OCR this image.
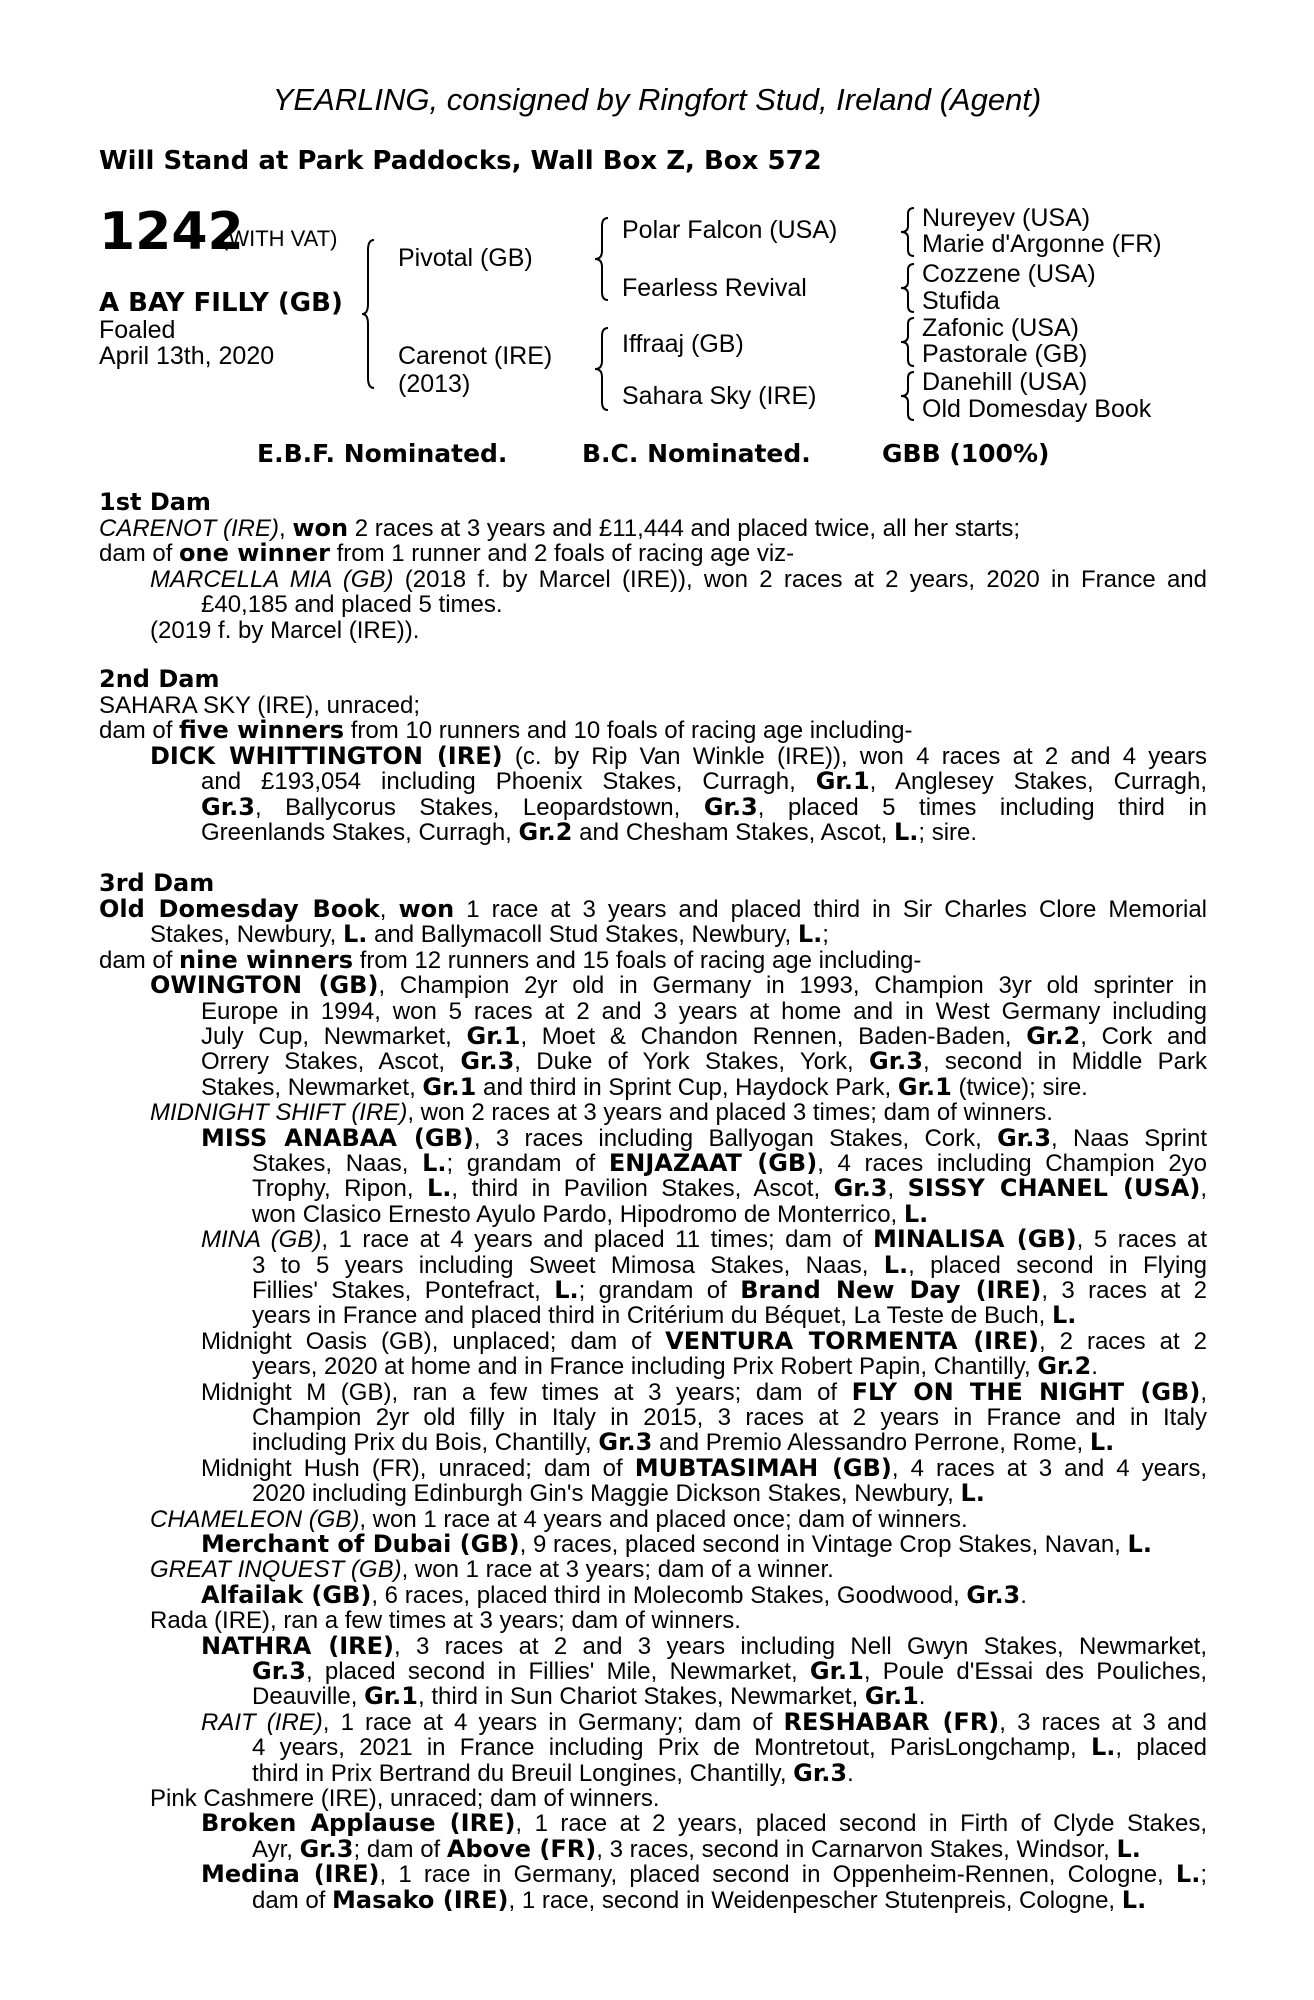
YEARLING, consigned by Ringfort Stud, Ireland (Agent)
Will Stand at Park Paddocks, Wall Box Z, Box 572
1242
(WITH VAT)
A BAY FILLY (GB)
Foaled
April 13th, 2020
Pivotal (GB)
Carenot (IRE)
(2013)
Polar Falcon (USA)
Fearless Revival
Iffraaj (GB)
Sahara Sky (IRE)
Nureyev (USA)
Marie d'Argonne (FR)
Cozzene (USA)
Stufida
Zafonic (USA)
Pastorale (GB)
Danehill (USA)
Old Domesday Book
E.B.F. Nominated.	B.C. Nominated.	GBB (100%)
1st Dam
CARENOT (IRE), won 2 races at 3 years and £11,444 and placed twice, all her starts;
dam of one winner from 1 runner and 2 foals of racing age viz-
MARCELLA MIA (GB) (2018 f. by Marcel (IRE)), won 2 races at 2 years, 2020 in France and
£40,185 and placed 5 times.
(2019 f. by Marcel (IRE)).
2nd Dam
SAHARA SKY (IRE), unraced;
dam of five winners from 10 runners and 10 foals of racing age including-
DICK WHITTINGTON (IRE) (c. by Rip Van Winkle (IRE)), won 4 races at 2 and 4 years
and £193,054 including Phoenix Stakes, Curragh, Gr.1, Anglesey Stakes, Curragh,
Gr.3, Ballycorus Stakes, Leopardstown, Gr.3, placed 5 times including third in
Greenlands Stakes, Curragh, Gr.2 and Chesham Stakes, Ascot, L.; sire.
3rd Dam
Old Domesday Book, won 1 race at 3 years and placed third in Sir Charles Clore Memorial
Stakes, Newbury, L. and Ballymacoll Stud Stakes, Newbury, L.;
dam of nine winners from 12 runners and 15 foals of racing age including-
OWINGTON (GB), Champion 2yr old in Germany in 1993, Champion 3yr old sprinter in
Europe in 1994, won 5 races at 2 and 3 years at home and in West Germany including
July Cup, Newmarket, Gr.1, Moet & Chandon Rennen, Baden-Baden, Gr.2, Cork and
Orrery Stakes, Ascot, Gr.3, Duke of York Stakes, York, Gr.3, second in Middle Park
Stakes, Newmarket, Gr.1 and third in Sprint Cup, Haydock Park, Gr.1 (twice); sire.
MIDNIGHT SHIFT (IRE), won 2 races at 3 years and placed 3 times; dam of winners.
MISS ANABAA (GB), 3 races including Ballyogan Stakes, Cork, Gr.3, Naas Sprint
Stakes, Naas, L.; grandam of ENJAZAAT (GB), 4 races including Champion 2yo
Trophy, Ripon, L., third in Pavilion Stakes, Ascot, Gr.3, SISSY CHANEL (USA),
won Clasico Ernesto Ayulo Pardo, Hipodromo de Monterrico, L.
MINA (GB), 1 race at 4 years and placed 11 times; dam of MINALISA (GB), 5 races at
3 to 5 years including Sweet Mimosa Stakes, Naas, L., placed second in Flying
Fillies' Stakes, Pontefract, L.; grandam of Brand New Day (IRE), 3 races at 2
years in France and placed third in Critérium du Béquet, La Teste de Buch, L.
Midnight Oasis (GB), unplaced; dam of VENTURA TORMENTA (IRE), 2 races at 2
years, 2020 at home and in France including Prix Robert Papin, Chantilly, Gr.2.
Midnight M (GB), ran a few times at 3 years; dam of FLY ON THE NIGHT (GB),
Champion 2yr old filly in Italy in 2015, 3 races at 2 years in France and in Italy
including Prix du Bois, Chantilly, Gr.3 and Premio Alessandro Perrone, Rome, L.
Midnight Hush (FR), unraced; dam of MUBTASIMAH (GB), 4 races at 3 and 4 years,
2020 including Edinburgh Gin's Maggie Dickson Stakes, Newbury, L.
CHAMELEON (GB), won 1 race at 4 years and placed once; dam of winners.
Merchant of Dubai (GB), 9 races, placed second in Vintage Crop Stakes, Navan, L.
GREAT INQUEST (GB), won 1 race at 3 years; dam of a winner.
Alfailak (GB), 6 races, placed third in Molecomb Stakes, Goodwood, Gr.3.
Rada (IRE), ran a few times at 3 years; dam of winners.
NATHRA (IRE), 3 races at 2 and 3 years including Nell Gwyn Stakes, Newmarket,
Gr.3, placed second in Fillies' Mile, Newmarket, Gr.1, Poule d'Essai des Pouliches,
Deauville, Gr.1, third in Sun Chariot Stakes, Newmarket, Gr.1.
RAIT (IRE), 1 race at 4 years in Germany; dam of RESHABAR (FR), 3 races at 3 and
4 years, 2021 in France including Prix de Montretout, ParisLongchamp, L., placed
third in Prix Bertrand du Breuil Longines, Chantilly, Gr.3.
Pink Cashmere (IRE), unraced; dam of winners.
Broken Applause (IRE), 1 race at 2 years, placed second in Firth of Clyde Stakes,
Ayr, Gr.3; dam of Above (FR), 3 races, second in Carnarvon Stakes, Windsor, L.
Medina (IRE), 1 race in Germany, placed second in Oppenheim-Rennen, Cologne, L.;
dam of Masako (IRE), 1 race, second in Weidenpescher Stutenpreis, Cologne, L.
